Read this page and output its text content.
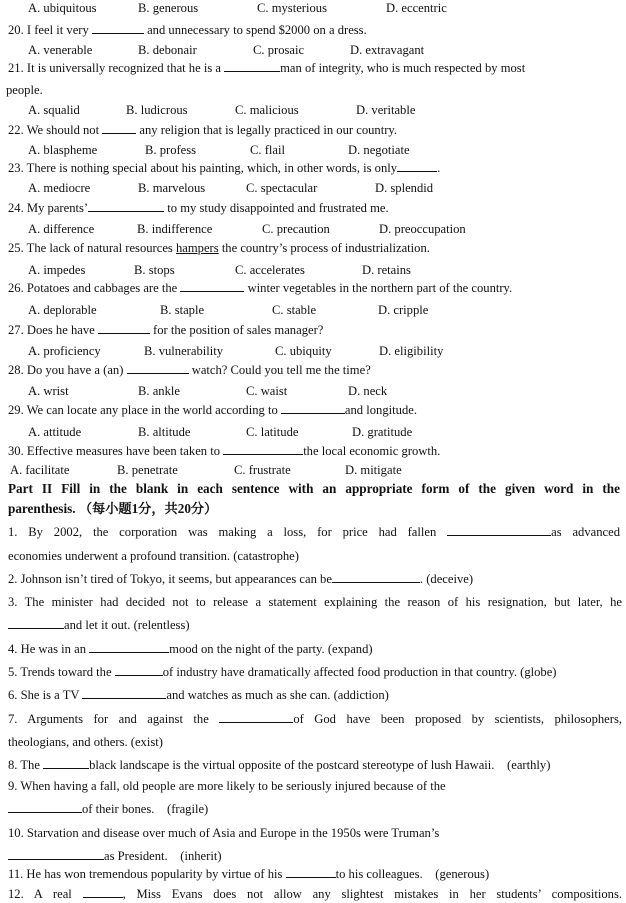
A. ubiquitous	B. generous	C. mysterious	D. eccentric
20. I feel it very	and unnecessary to spend $2000 on a dress.
A. venerable	B. debonair	C. prosaic	D. extravagant
21. It is universally recognized that he is a	man of integrity, who is much respected by most
people.
A. squalid	B. ludicrous	C. malicious	D. veritable
22. We should not	any religion that is legally practiced in our country.
A. blaspheme	B. profess	C. flail	D. negotiate
23. There is nothing special about his painting, which, in other words, is only	.
A. mediocre	B. marvelous	C. spectacular	D. splendid
24. My parents’	to my study disappointed and frustrated me.
A. difference	B. indifference	C. precaution	D. preoccupation
25. The lack of natural resources hampers the country’s process of industrialization.
A. impedes	B. stops	C. accelerates	D. retains
26. Potatoes and cabbages are the	winter vegetables in the northern part of the country.
A. deplorable	B. staple	C. stable	D. cripple
27. Does he have	for the position of sales manager?
A. proficiency	B. vulnerability	C. ubiquity	D. eligibility
28. Do you have a (an)	watch? Could you tell me the time?
A. wrist	B. ankle	C. waist	D. neck
29. We can locate any place in the world according to	and longitude.
A. attitude	B. altitude	C. latitude	D. gratitude
30. Effective measures have been taken to	the local economic growth.
A. facilitate	B. penetrate	C. frustrate	D. mitigate
Part II Fill in the blank in each sentence with an appropriate form of the given word in the
parenthesis. （每小题1分，共20分）
1. By 2002, the corporation was making a loss, for price had fallen	as advanced
economies underwent a profound transition. (catastrophe)
2. Johnson isn’t tired of Tokyo, it seems, but appearances can be	. (deceive)
3. The minister had decided not to release a statement explaining the reason of his resignation, but later, he
and let it out. (relentless)
4. He was in an	mood on the night of the party. (expand)
5. Trends toward the	of industry have dramatically affected food production in that country. (globe)
6. She is a TV	and watches as much as she can. (addiction)
7. Arguments for and against the	of God have been proposed by scientists, philosophers,
theologians, and others. (exist)
8. The	black landscape is the virtual opposite of the postcard stereotype of lush Hawaii. (earthly)
9. When having a fall, old people are more likely to be seriously injured because of the
of their bones. (fragile)
10. Starvation and disease over much of Asia and Europe in the 1950s were Truman’s
as President. (inherit)
11. He has won tremendous popularity by virtue of his	to his colleagues. (generous)
12. A real	, Miss Evans does not allow any slightest mistakes in her students’ compositions.
